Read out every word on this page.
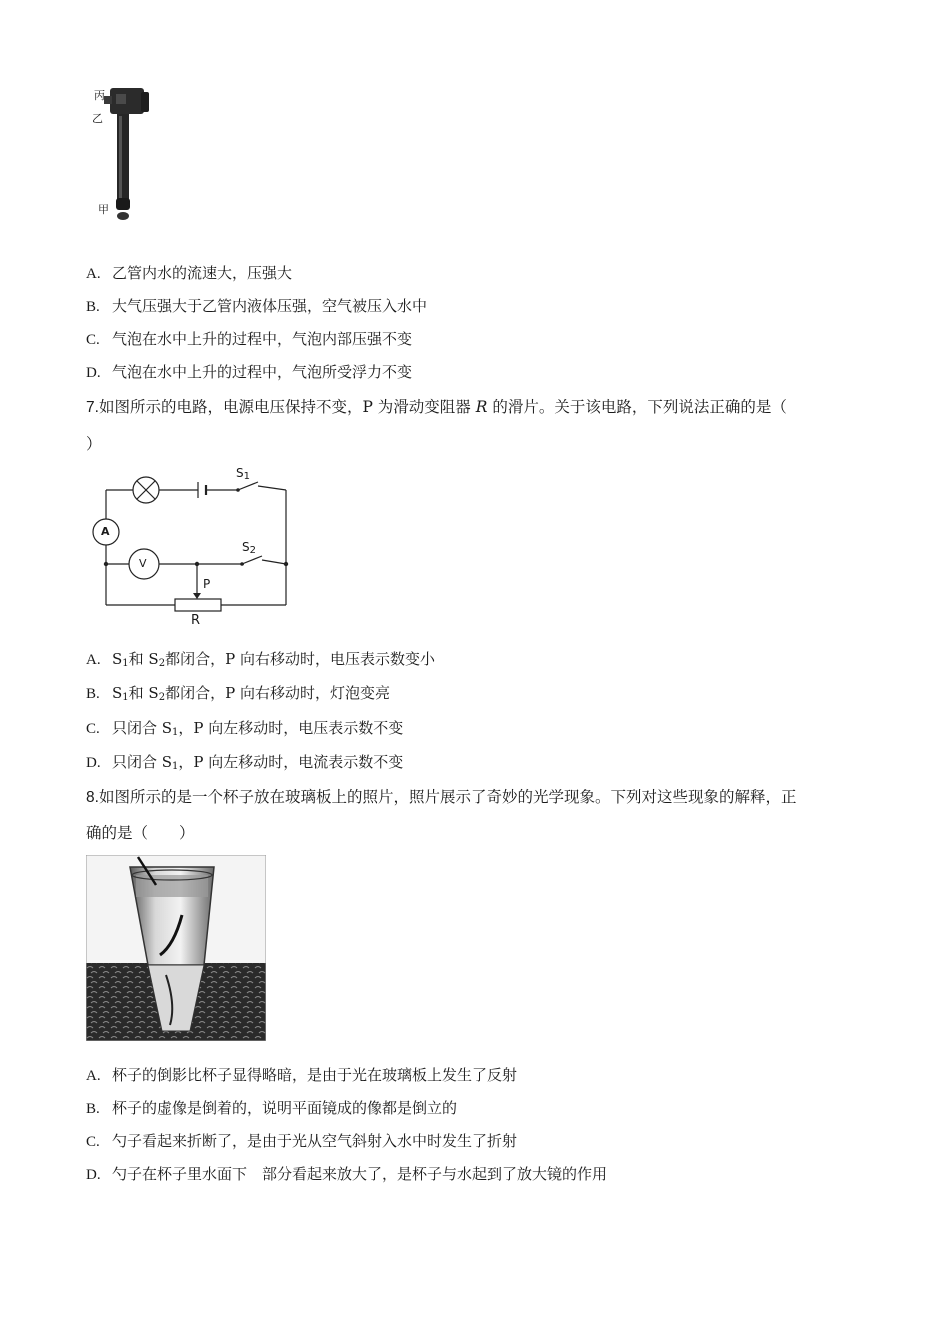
丙
乙
甲
A. 乙管内水的流速大，压强大
B. 大气压强大于乙管内液体压强，空气被压入水中
C. 气泡在水中上升的过程中，气泡内部压强不变
D. 气泡在水中上升的过程中，气泡所受浮力不变
7.如图所示的电路，电源电压保持不变，P 为滑动变阻器 R 的滑片。关于该电路，下列说法正确的是（
）
A
V
$S_1$
$S_2$
P
R
A. $S_1$和 $S_2$都闭合，P 向右移动时，电压表示数变小
B. $S_1$和 $S_2$都闭合，P 向右移动时，灯泡变亮
C. 只闭合 $S_1$，P 向左移动时，电压表示数不变
D. 只闭合 $S_1$，P 向左移动时，电流表示数不变
8.如图所示的是一个杯子放在玻璃板上的照片，照片展示了奇妙的光学现象。下列对这些现象的解释，正
确的是（　　）
A. 杯子的倒影比杯子显得略暗，是由于光在玻璃板上发生了反射
B. 杯子的虚像是倒着的，说明平面镜成的像都是倒立的
C. 勺子看起来折断了，是由于光从空气斜射入水中时发生了折射
D. 勺子在杯子里水面下　部分看起来放大了，是杯子与水起到了放大镜的作用
